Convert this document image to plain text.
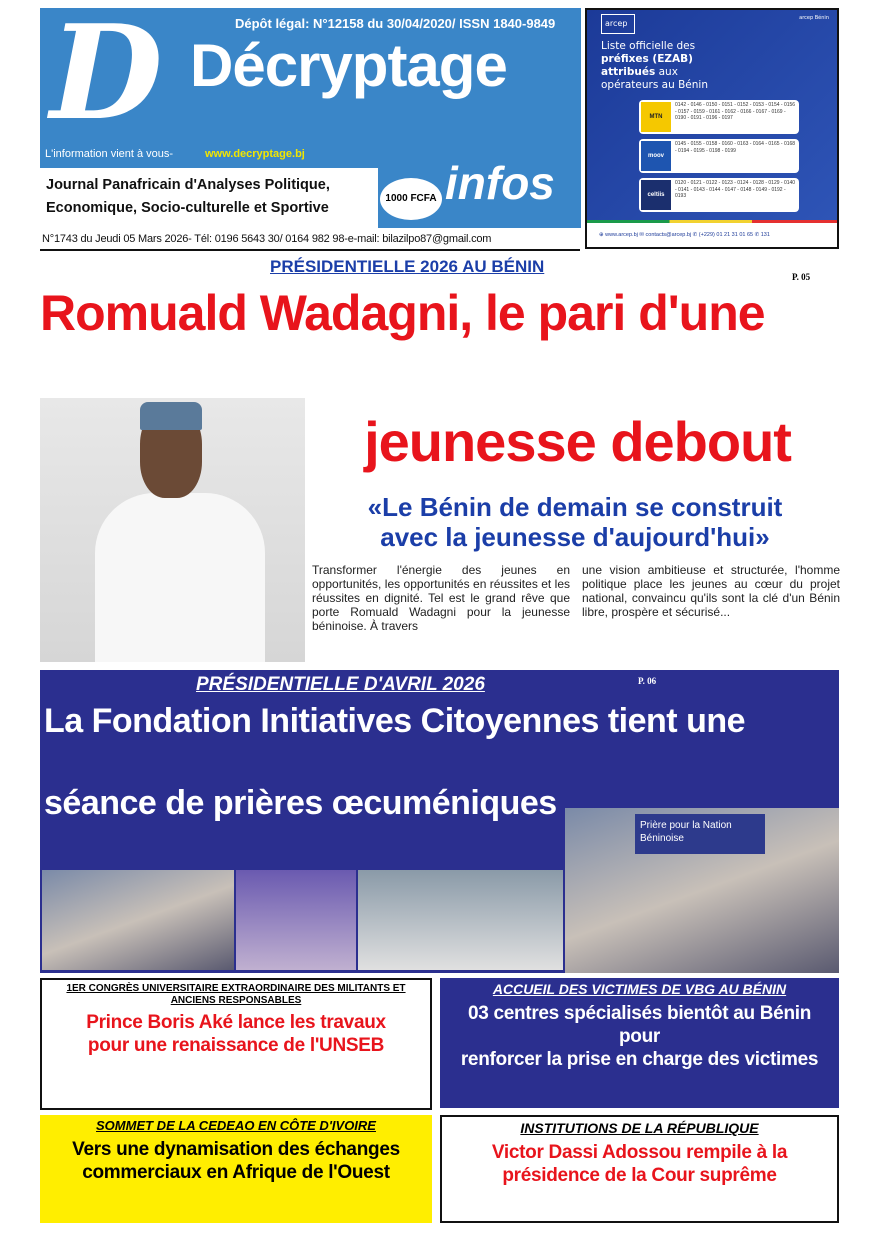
D Décryptage
Dépôt légal: N°12158 du 30/04/2020/ ISSN 1840-9849
L'information vient à vous-	www.decryptage.bj
Journal Panafricain d'Analyses Politique,
Economique, Socio-culturelle et Sportive
1000 FCFA infos
N°1743 du Jeudi 05 Mars 2026- Tél: 0196 5643 30/ 0164 982 98-e-mail: bilazilpo87@gmail.com
arcep
arcep Bénin
Liste officielle des
préfixes (EZAB)
attribués aux
opérateurs au Bénin
MTN
0142 - 0146 - 0150 - 0151 - 0152 - 0153 - 0154 - 0156 - 0157 - 0159 - 0161 - 0162 - 0166 - 0167 - 0169 - 0190 - 0191 - 0196 - 0197
moov
0145 - 0155 - 0158 - 0160 - 0163 - 0164 - 0165 - 0168 - 0194 - 0195 - 0198 - 0199
celtiis
0120 - 0121 - 0122 - 0123 - 0124 - 0128 - 0129 - 0140 - 0141 - 0143 - 0144 - 0147 - 0148 - 0149 - 0192 - 0193
⊕ www.arcep.bj ✉ contacts@arcep.bj ✆ (+229) 01 21 31 01 65 ✆ 131
PRÉSIDENTIELLE 2026 AU BÉNIN
P. 05
Romuald Wadagni, le pari d'une
jeunesse debout
«Le Bénin de demain se construit
avec la jeunesse d'aujourd'hui»
Transformer l'énergie des jeunes en opportunités, les opportunités en réussites et les réussites en dignité. Tel est le grand rêve que porte Romuald Wadagni pour la jeunesse béninoise. À travers
une vision ambitieuse et structurée, l'homme politique place les jeunes au cœur du projet national, convaincu qu'ils sont la clé d'un Bénin libre, prospère et sécurisé...
PRÉSIDENTIELLE D'AVRIL 2026	P. 06
La Fondation Initiatives Citoyennes tient une
Prière pour la Nation Béninoise
séance de prières œcuméniques
1ER CONGRÈS UNIVERSITAIRE EXTRAORDINAIRE DES MILITANTS ET ANCIENS RESPONSABLES
Prince Boris Aké lance les travaux
pour une renaissance de l'UNSEB
ACCUEIL DES VICTIMES DE VBG AU BÉNIN
03 centres spécialisés bientôt au Bénin pour
renforcer la prise en charge des victimes
SOMMET DE LA CEDEAO EN CÔTE D'IVOIRE
Vers une dynamisation des échanges
commerciaux en Afrique de l'Ouest
INSTITUTIONS DE LA RÉPUBLIQUE
Victor Dassi Adossou rempile à la
présidence de la Cour suprême
